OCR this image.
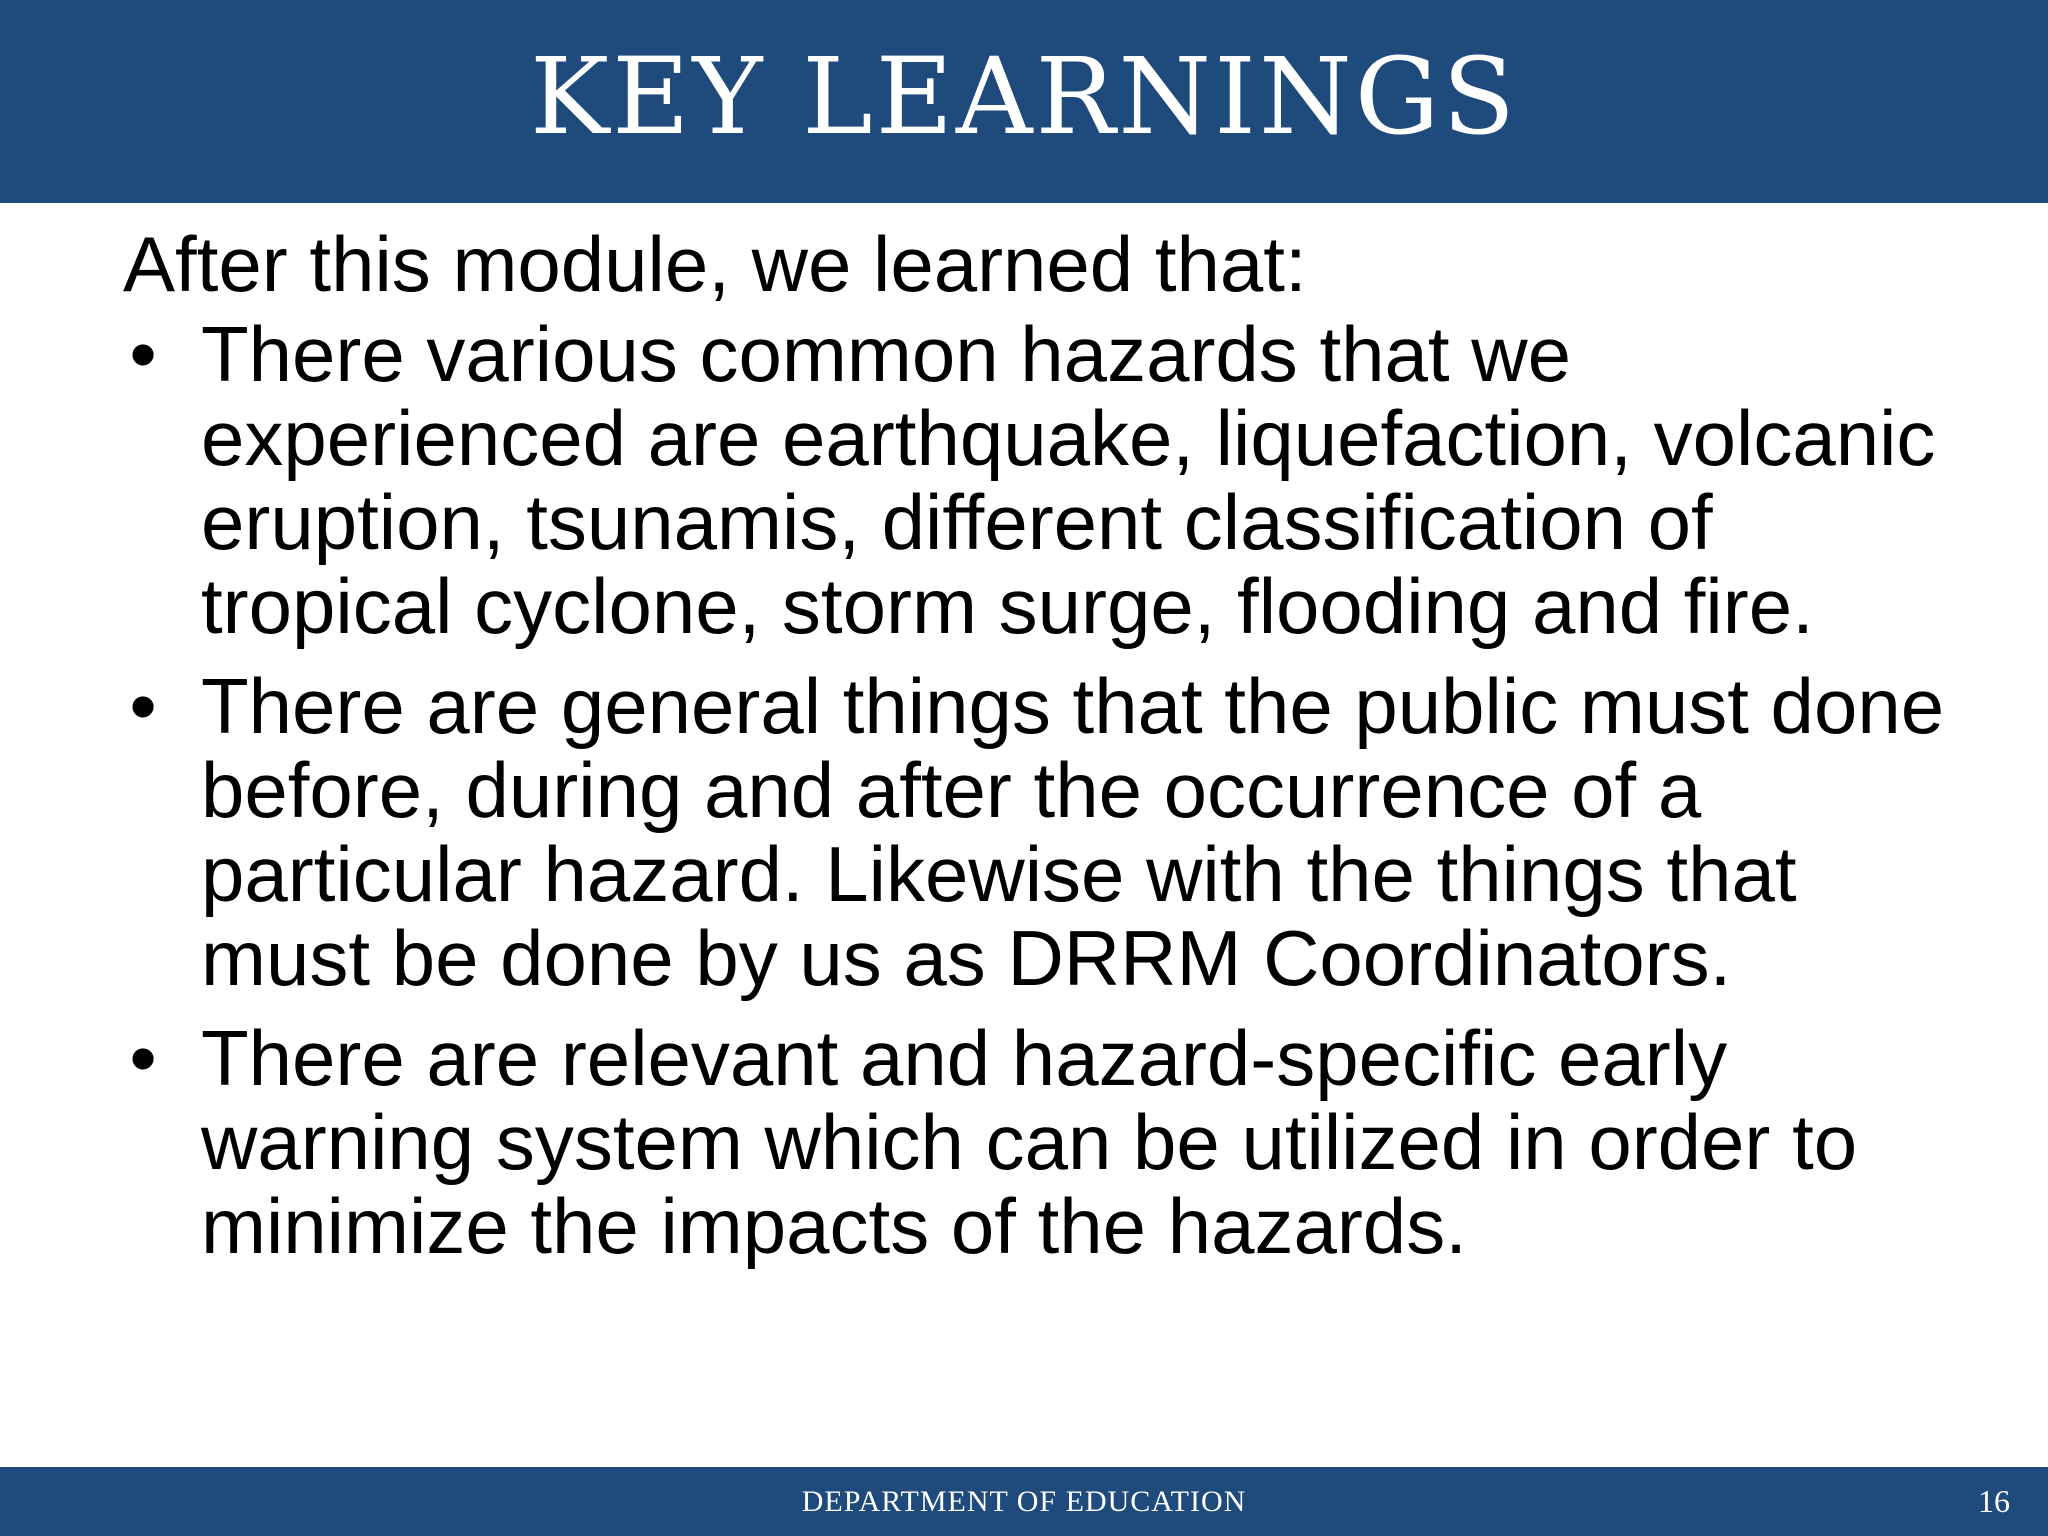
KEY LEARNINGS

After this module, we learned that:

• There various common hazards that we experienced are earthquake, liquefaction, volcanic eruption, tsunamis, different classification of tropical cyclone, storm surge, flooding and fire.
• There are general things that the public must done before, during and after the occurrence of a particular hazard. Likewise with the things that must be done by us as DRRM Coordinators.
• There are relevant and hazard-specific early warning system which can be utilized in order to minimize the impacts of the hazards.
DEPARTMENT OF EDUCATION	16
